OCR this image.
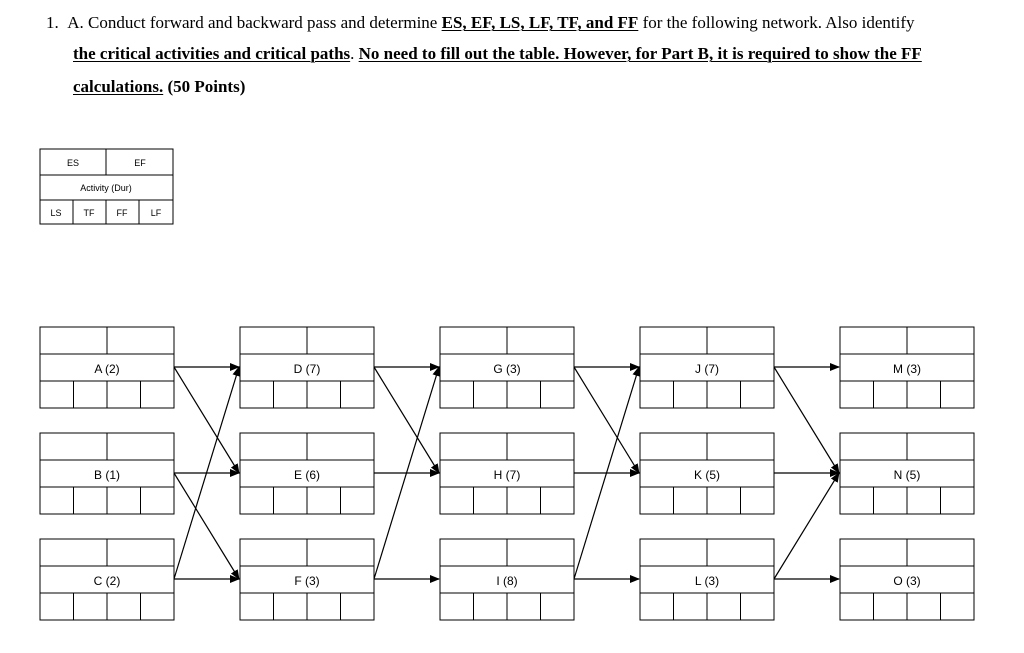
1. A. Conduct forward and backward pass and determine ES, EF, LS, LF, TF, and FF for the following network. Also identify
the critical activities and critical paths. No need to fill out the table. However, for Part B, it is required to show the FF
calculations. (50 Points)
ES	EF
Activity (Dur)
LS TF FF	LF
A (2)
B (1)
C (2)
D (7)
E (6)
F (3)
G (3)
H (7)
I (8)
J (7)
K (5)
L (3)
M (3)
N (5)
O (3)
